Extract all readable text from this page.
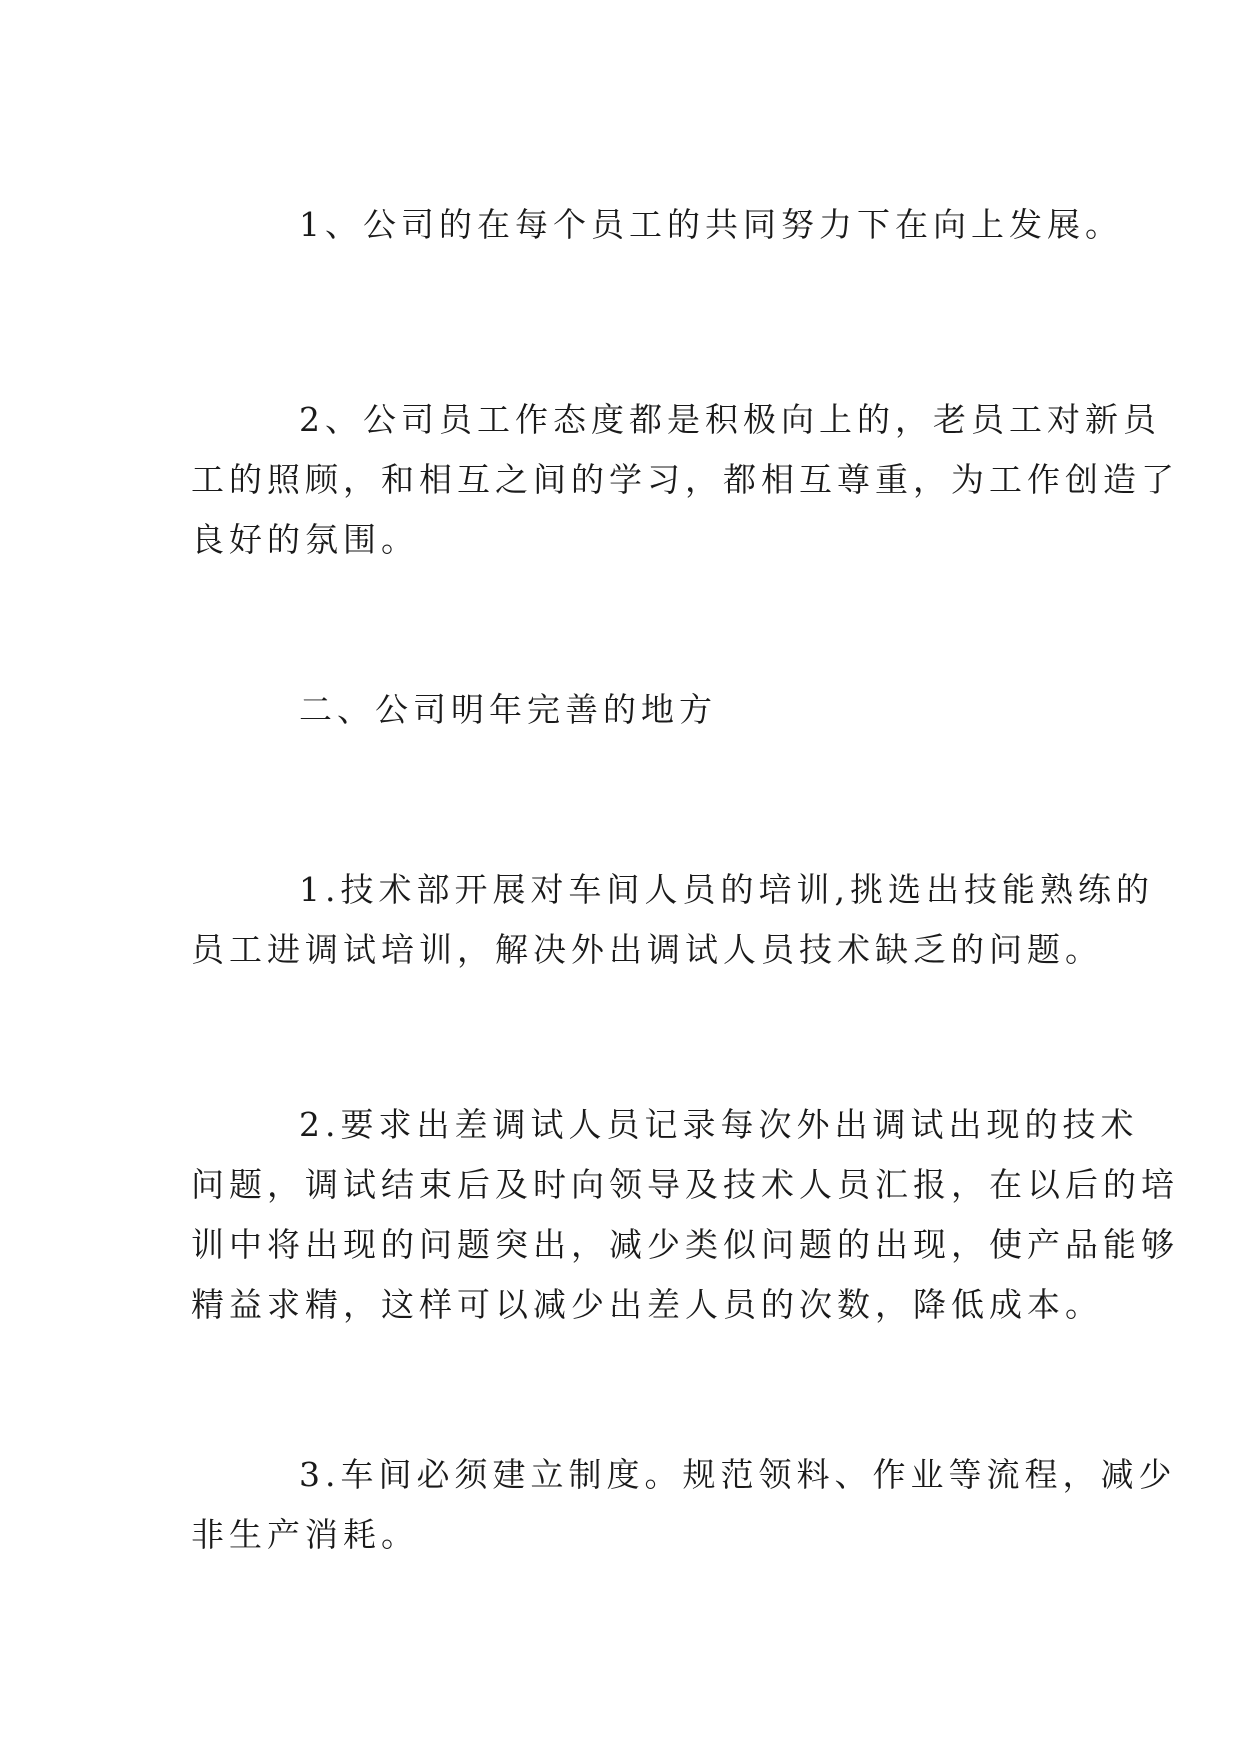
1、公司的在每个员工的共同努力下在向上发展。

2、公司员工作态度都是积极向上的，老员工对新员
工的照顾，和相互之间的学习，都相互尊重，为工作创造了
良好的氛围。

二、公司明年完善的地方

1.技术部开展对车间人员的培训,挑选出技能熟练的
员工进调试培训，解决外出调试人员技术缺乏的问题。

2.要求出差调试人员记录每次外出调试出现的技术
问题，调试结束后及时向领导及技术人员汇报，在以后的培
训中将出现的问题突出，减少类似问题的出现，使产品能够
精益求精，这样可以减少出差人员的次数，降低成本。

3.车间必须建立制度。规范领料、作业等流程，减少
非生产消耗。
